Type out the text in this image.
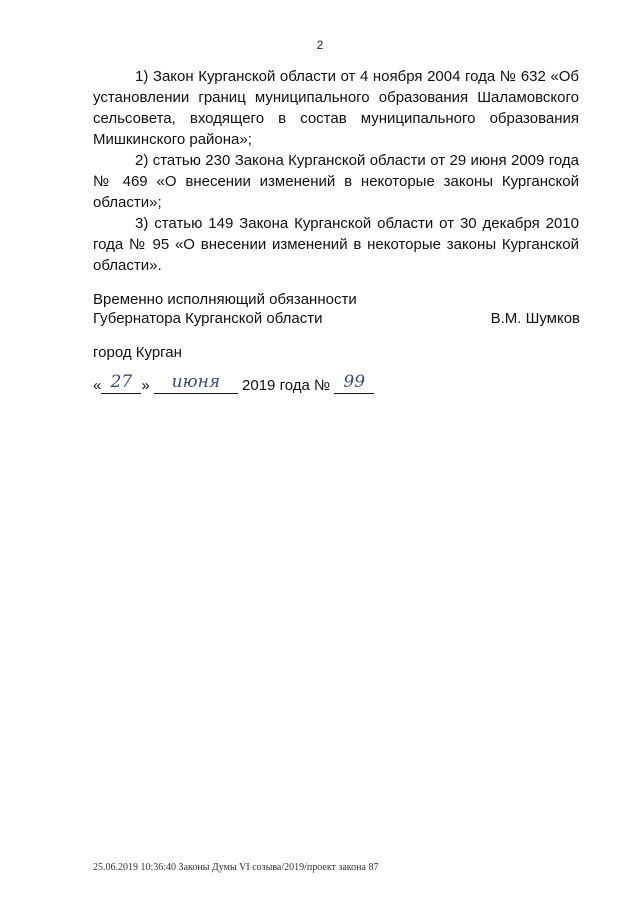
2

1) Закон Курганской области от 4 ноября 2004 года № 632 «Об установлении границ муниципального образования Шаламовского сельсовета, входящего в состав муниципального образования Мишкинского района»;

2) статью 230 Закона Курганской области от 29 июня 2009 года № 469 «О внесении изменений в некоторые законы Курганской области»;

3) статью 149 Закона Курганской области от 30 декабря 2010 года № 95 «О внесении изменений в некоторые законы Курганской области».

Временно исполняющий обязанности
Губернатора Курганской области	В.М. Шумков
город Курган
« 27 » июня 2019 года № 99
25.06.2019 10:36:40 Законы Думы VI созыва/2019/проект закона 87
